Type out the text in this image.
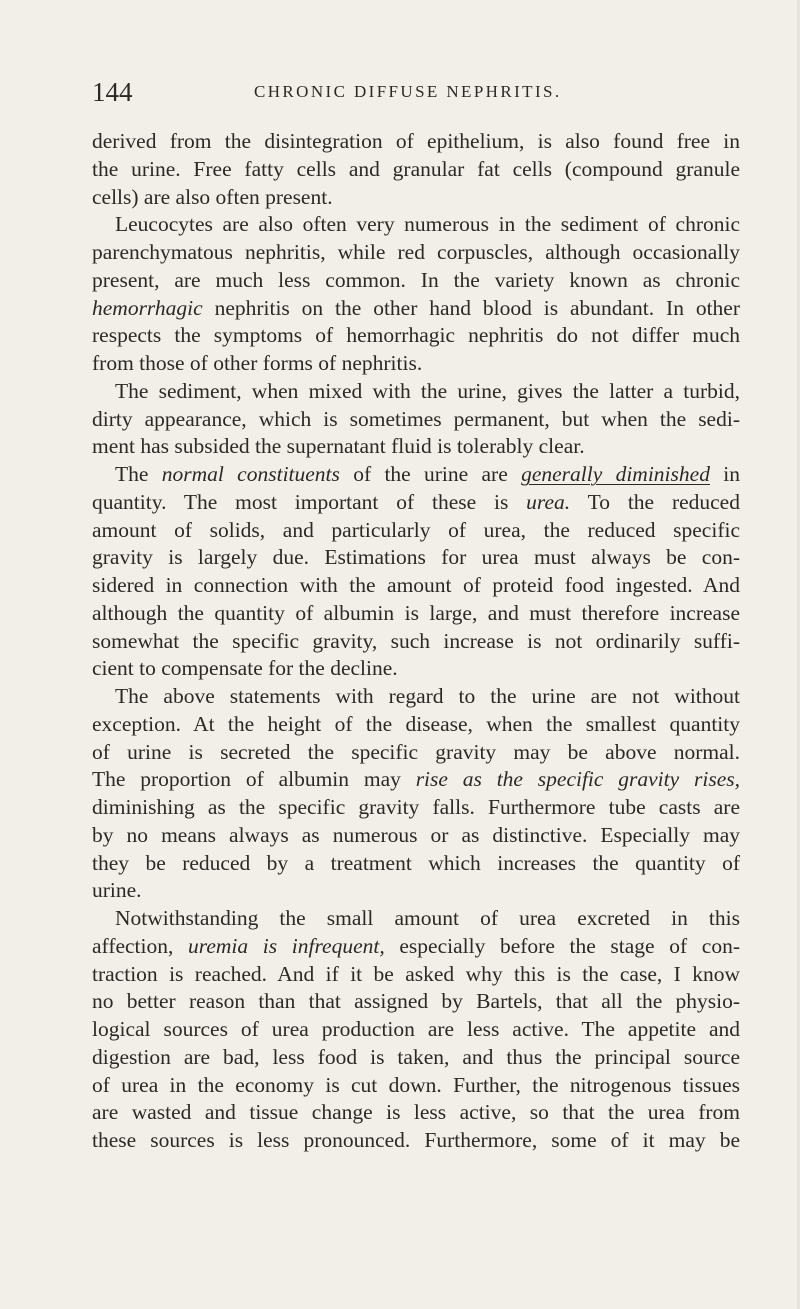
144	CHRONIC DIFFUSE NEPHRITIS.
derived from the disintegration of epithelium, is also found free in
the urine. Free fatty cells and granular fat cells (compound granule
cells) are also often present.
Leucocytes are also often very numerous in the sediment of chronic
parenchymatous nephritis, while red corpuscles, although occasionally
present, are much less common. In the variety known as chronic
hemorrhagic nephritis on the other hand blood is abundant. In other
respects the symptoms of hemorrhagic nephritis do not differ much
from those of other forms of nephritis.
The sediment, when mixed with the urine, gives the latter a turbid,
dirty appearance, which is sometimes permanent, but when the sedi-
ment has subsided the supernatant fluid is tolerably clear.
The normal constituents of the urine are generally diminished in
quantity. The most important of these is urea. To the reduced
amount of solids, and particularly of urea, the reduced specific
gravity is largely due. Estimations for urea must always be con-
sidered in connection with the amount of proteid food ingested. And
although the quantity of albumin is large, and must therefore increase
somewhat the specific gravity, such increase is not ordinarily suffi-
cient to compensate for the decline.
The above statements with regard to the urine are not without
exception. At the height of the disease, when the smallest quantity
of urine is secreted the specific gravity may be above normal.
The proportion of albumin may rise as the specific gravity rises,
diminishing as the specific gravity falls. Furthermore tube casts are
by no means always as numerous or as distinctive. Especially may
they be reduced by a treatment which increases the quantity of
urine.
Notwithstanding the small amount of urea excreted in this
affection, uremia is infrequent, especially before the stage of con-
traction is reached. And if it be asked why this is the case, I know
no better reason than that assigned by Bartels, that all the physio-
logical sources of urea production are less active. The appetite and
digestion are bad, less food is taken, and thus the principal source
of urea in the economy is cut down. Further, the nitrogenous tissues
are wasted and tissue change is less active, so that the urea from
these sources is less pronounced. Furthermore, some of it may be
